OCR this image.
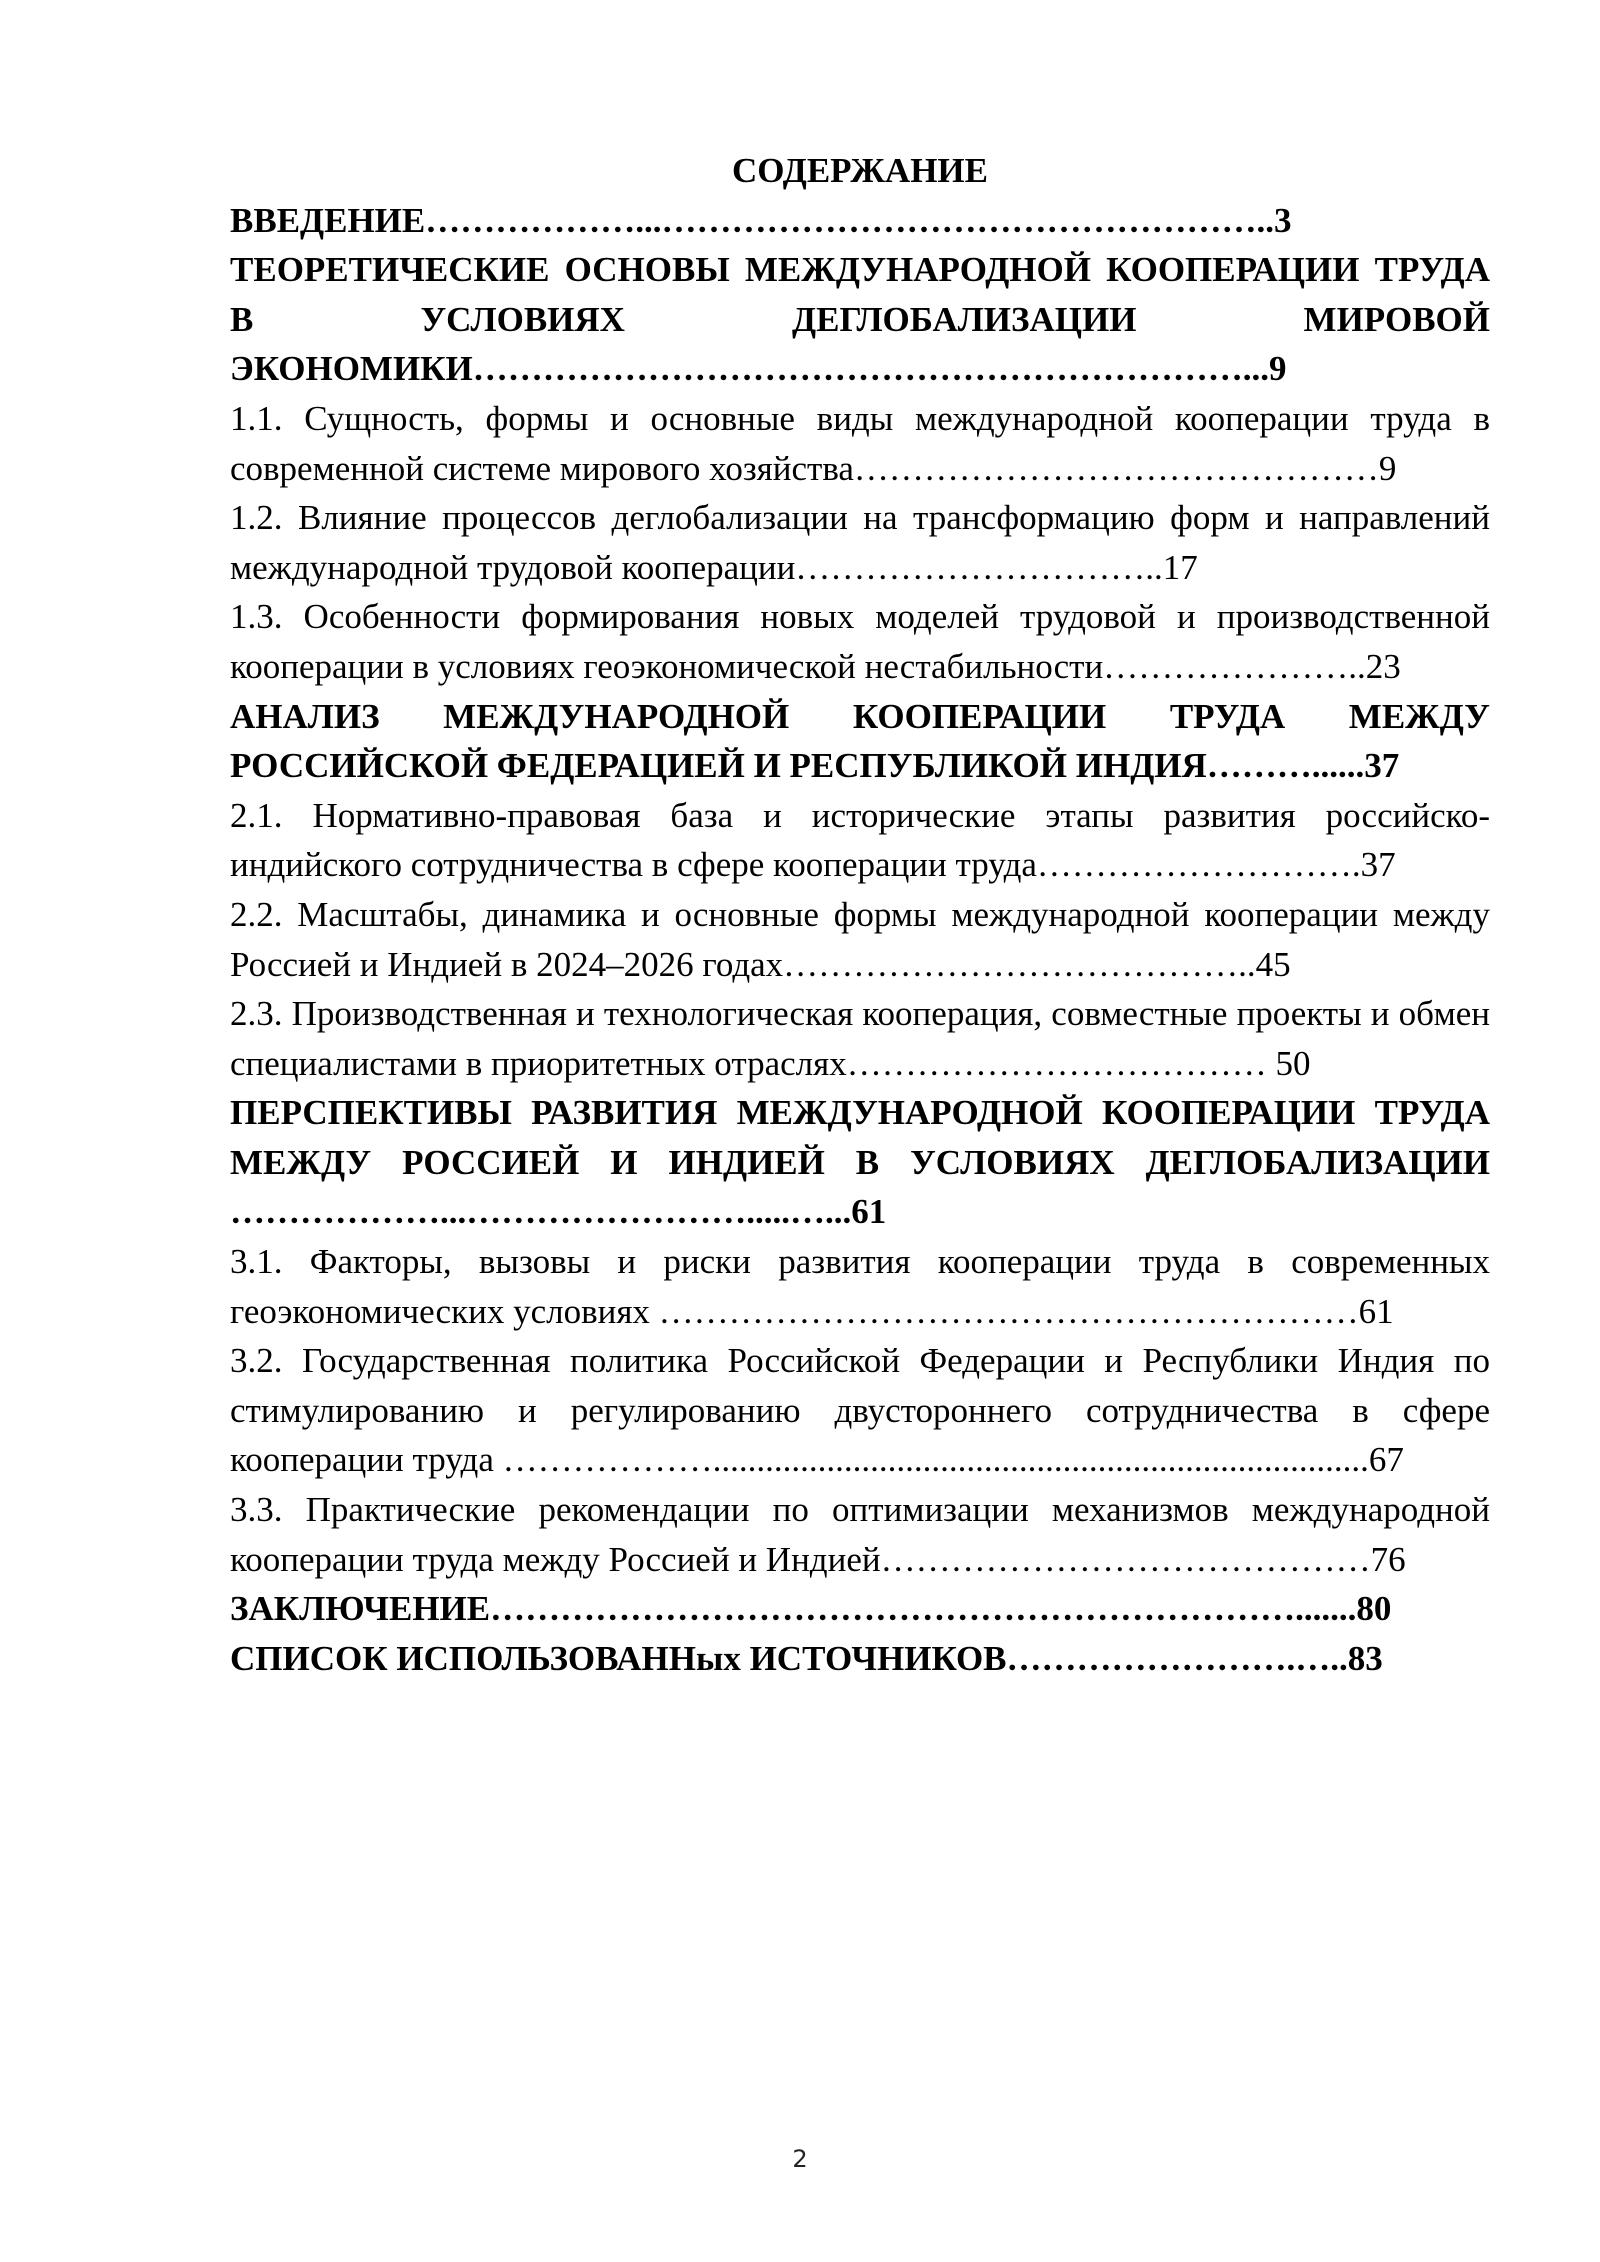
СОДЕРЖАНИЕ

ВВЕДЕНИЕ………………...……………………………………………..3

ТЕОРЕТИЧЕСКИЕ ОСНОВЫ МЕЖДУНАРОДНОЙ КООПЕРАЦИИ ТРУДА В УСЛОВИЯХ ДЕГЛОБАЛИЗАЦИИ МИРОВОЙ ЭКОНОМИКИ…………………………………………………………...9

1.1. Сущность, формы и основные виды международной кооперации труда в современной системе мирового хозяйства………………………………………9

1.2. Влияние процессов деглобализации на трансформацию форм и направлений международной трудовой кооперации…………………………..17

1.3. Особенности формирования новых моделей трудовой и производственной кооперации в условиях геоэкономической нестабильности…………………..23

АНАЛИЗ МЕЖДУНАРОДНОЙ КООПЕРАЦИИ ТРУДА МЕЖДУ РОССИЙСКОЙ ФЕДЕРАЦИЕЙ И РЕСПУБЛИКОЙ ИНДИЯ………......37

2.1. Нормативно-правовая база и исторические этапы развития российско-индийского сотрудничества в сфере кооперации труда……………………….37

2.2. Масштабы, динамика и основные формы международной кооперации между Россией и Индией в 2024–2026 годах…………………………………..45

2.3. Производственная и технологическая кооперация, совместные проекты и обмен специалистами в приоритетных отраслях……………………………… 50

ПЕРСПЕКТИВЫ РАЗВИТИЯ МЕЖДУНАРОДНОЙ КООПЕРАЦИИ ТРУДА МЕЖДУ РОССИЕЙ И ИНДИЕЙ В УСЛОВИЯХ ДЕГЛОБАЛИЗАЦИИ ………………...…………………….....…...61

3.1. Факторы, вызовы и риски развития кооперации труда в современных геоэкономических условиях ……………………………………………………61

3.2. Государственная политика Российской Федерации и Республики Индия по стимулированию и регулированию двустороннего сотрудничества в сфере кооперации труда ………………...........................................................................67

3.3. Практические рекомендации по оптимизации механизмов международной кооперации труда между Россией и Индией……………………………………76

ЗАКЛЮЧЕНИЕ…………………………………………………………….......80

СПИСОК ИСПОЛЬЗОВАННых ИСТОЧНИКОВ…………………….…..83

2
